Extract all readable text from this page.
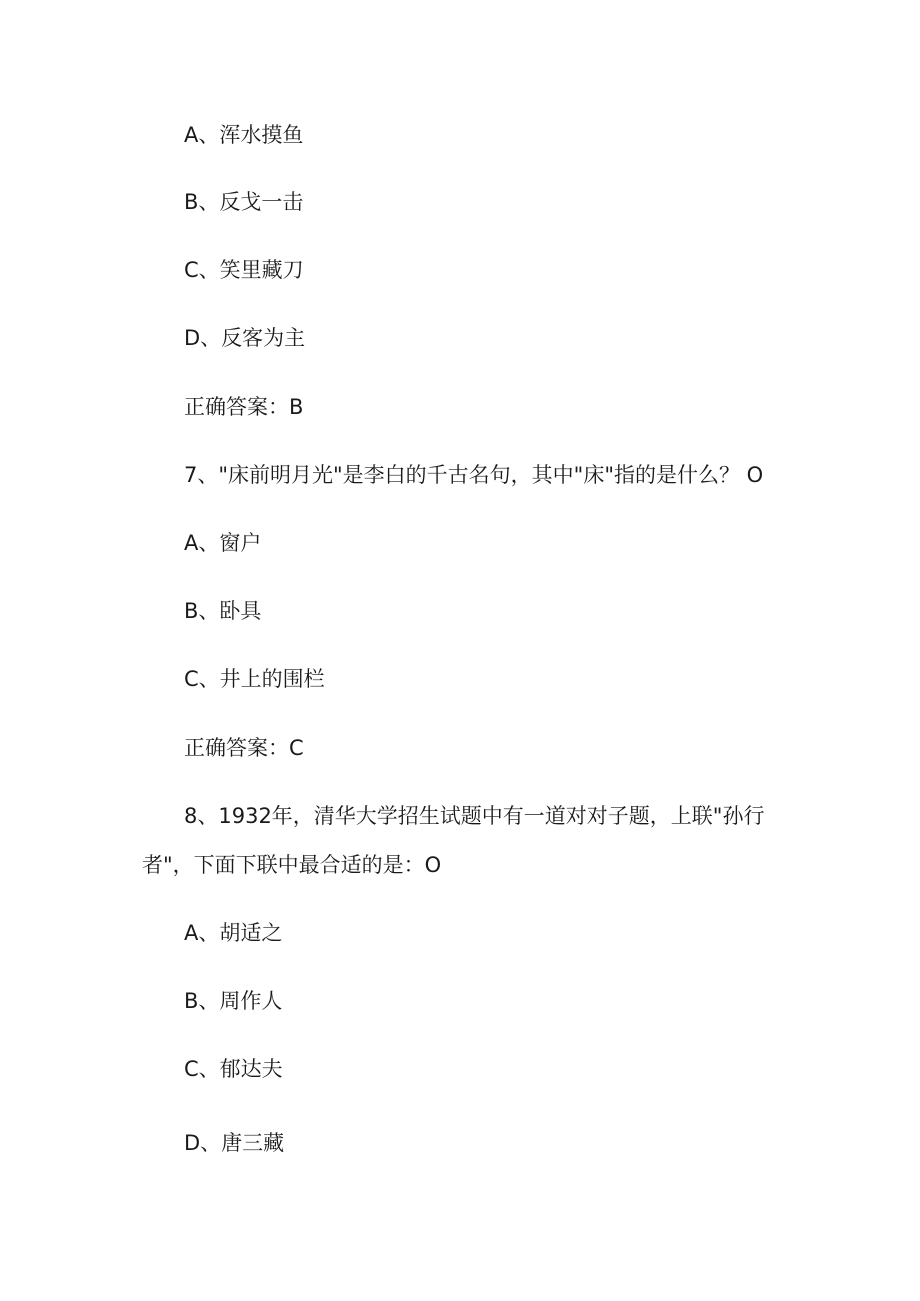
A、浑水摸鱼
B、反戈一击
C、笑里藏刀
D、反客为主
正确答案：B
7、"床前明月光"是李白的千古名句，其中"床"指的是什么？ O
A、窗户
B、卧具
C、井上的围栏
正确答案：C
8、1932年，清华大学招生试题中有一道对对子题，上联"孙行
者"，下面下联中最合适的是：O
A、胡适之
B、周作人
C、郁达夫
D、唐三藏
